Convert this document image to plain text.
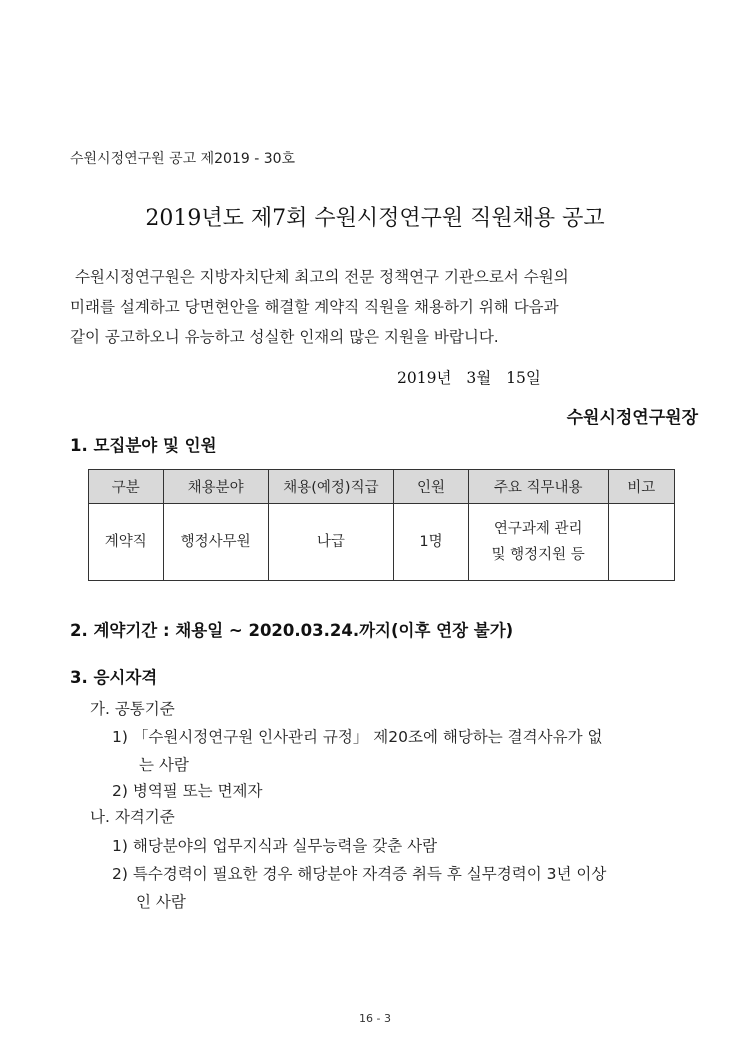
수원시정연구원 공고 제2019 - 30호
2019년도 제7회 수원시정연구원 직원채용 공고

수원시정연구원은 지방자치단체 최고의 전문 정책연구 기관으로서 수원의

미래를 설계하고 당면현안을 해결할 계약직 직원을 채용하기 위해 다음과

같이 공고하오니 유능하고 성실한 인재의 많은 지원을 바랍니다.

2019년 3월 15일
수원시정연구원장
1. 모집분야 및 인원
구분	채용분야	채용(예정)직급	인원	주요 직무내용	비고
계약직	행정사무원	나급	1명	연구과제 관리
및 행정지원 등	

2. 계약기간 : 채용일 ~ 2020.03.24.까지(이후 연장 불가)
3. 응시자격
가. 공통기준
1) 「수원시정연구원 인사관리 규정」 제20조에 해당하는 결격사유가 없
는 사람
2) 병역필 또는 면제자
나. 자격기준
1) 해당분야의 업무지식과 실무능력을 갖춘 사람
2) 특수경력이 필요한 경우 해당분야 자격증 취득 후 실무경력이 3년 이상
인 사람
16 - 3
